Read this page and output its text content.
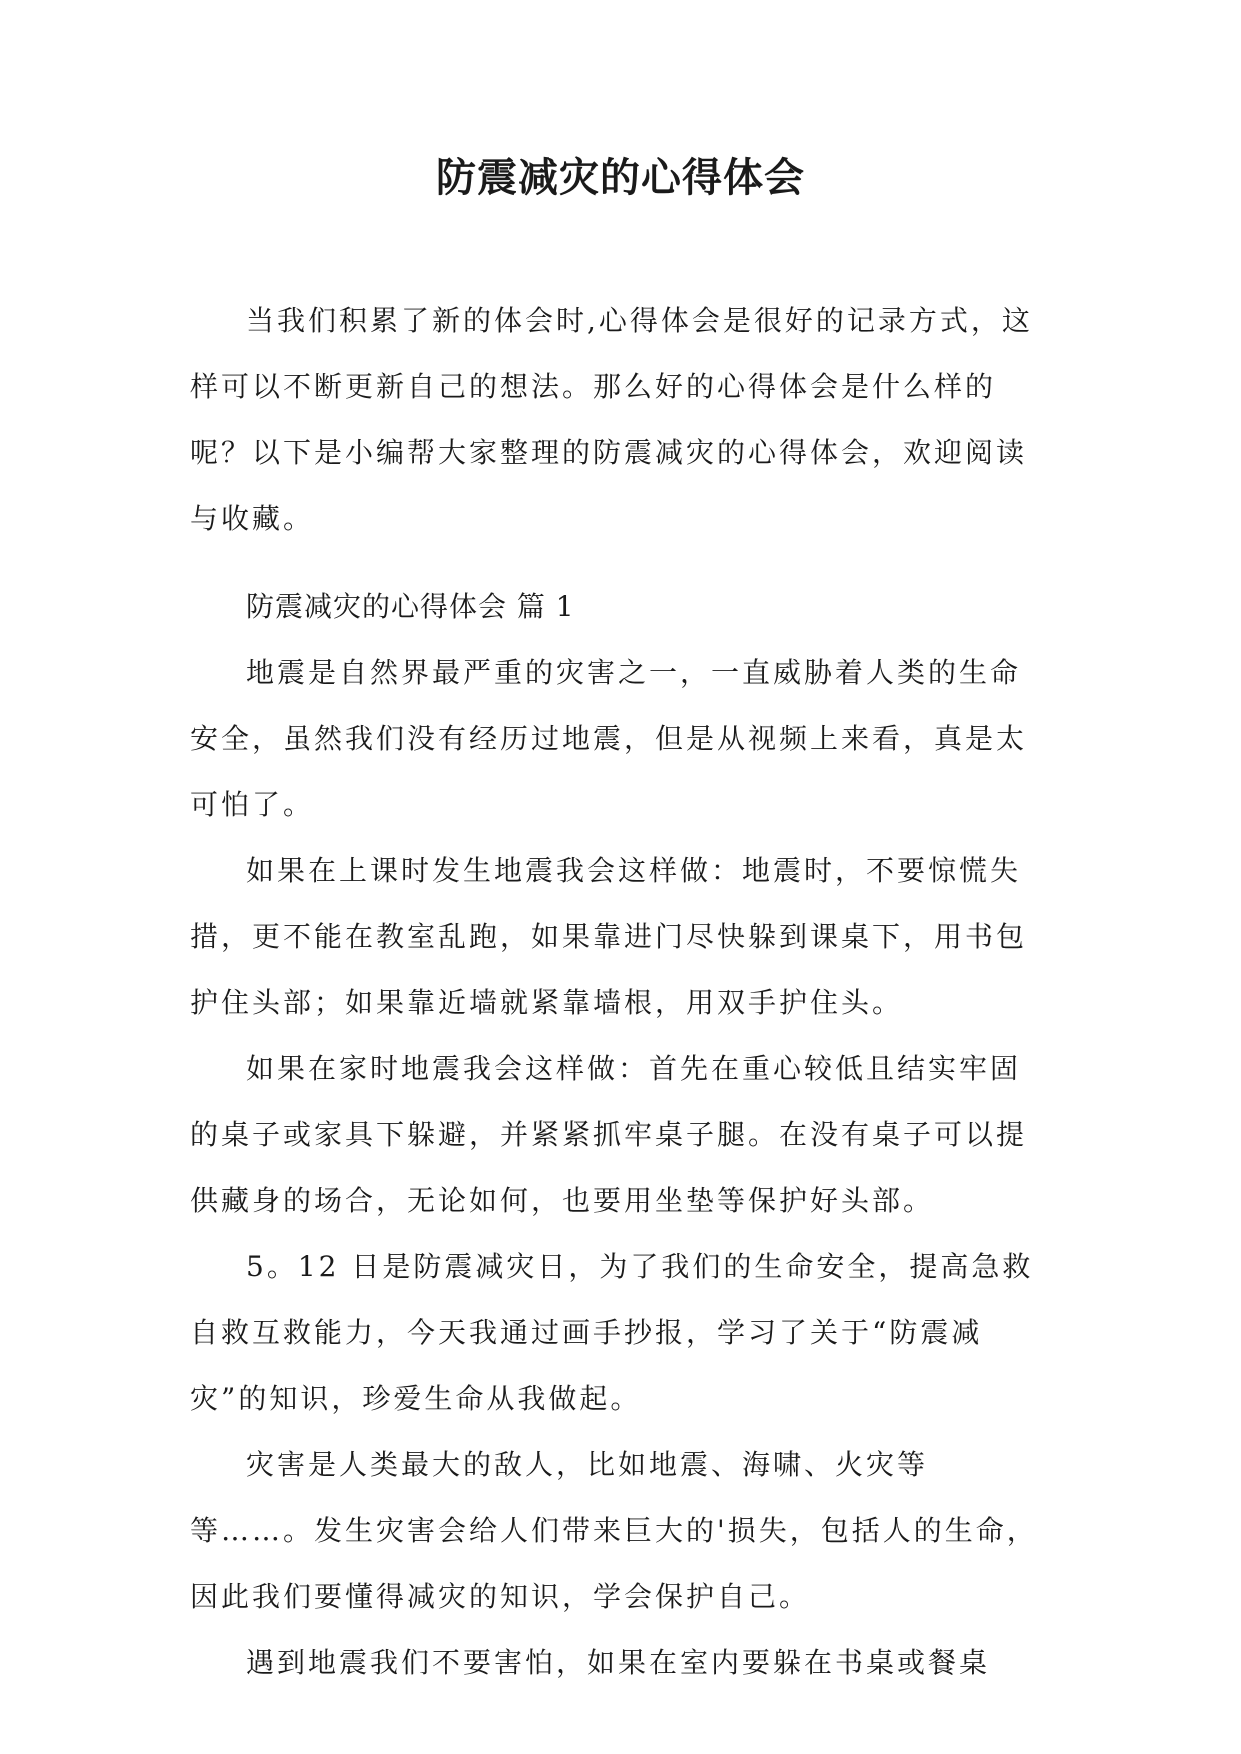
防震减灾的心得体会

当我们积累了新的体会时,心得体会是很好的记录方式，这样可以不断更新自己的想法。那么好的心得体会是什么样的呢？以下是小编帮大家整理的防震减灾的心得体会，欢迎阅读与收藏。

防震减灾的心得体会 篇 1

地震是自然界最严重的灾害之一，一直威胁着人类的生命安全，虽然我们没有经历过地震，但是从视频上来看，真是太可怕了。

如果在上课时发生地震我会这样做：地震时，不要惊慌失措，更不能在教室乱跑，如果靠进门尽快躲到课桌下，用书包护住头部；如果靠近墙就紧靠墙根，用双手护住头。

如果在家时地震我会这样做：首先在重心较低且结实牢固的桌子或家具下躲避，并紧紧抓牢桌子腿。在没有桌子可以提供藏身的场合，无论如何，也要用坐垫等保护好头部。

5。12 日是防震减灾日，为了我们的生命安全，提高急救自救互救能力，今天我通过画手抄报，学习了关于“防震减灾”的知识，珍爱生命从我做起。

灾害是人类最大的敌人，比如地震、海啸、火灾等等……。发生灾害会给人们带来巨大的'损失，包括人的生命，因此我们要懂得减灾的知识，学会保护自己。

遇到地震我们不要害怕，如果在室内要躲在书桌或餐桌
